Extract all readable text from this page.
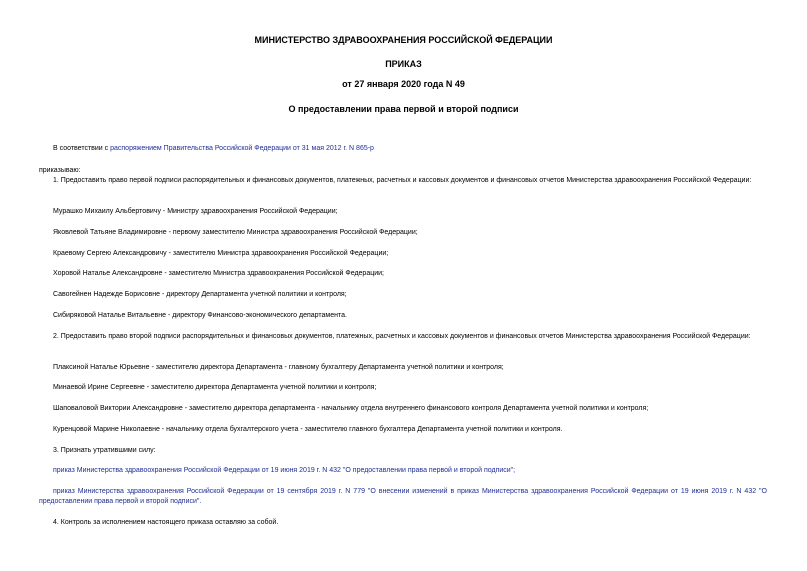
МИНИСТЕРСТВО ЗДРАВООХРАНЕНИЯ РОССИЙСКОЙ ФЕДЕРАЦИИ
ПРИКАЗ
от 27 января 2020 года N 49
О предоставлении права первой и второй подписи

В соответствии с распоряжением Правительства Российской Федерации от 31 мая 2012 г. N 865-р

приказываю:

1. Предоставить право первой подписи распорядительных и финансовых документов, платежных, расчетных и кассовых документов и финансовых отчетов Министерства здравоохранения Российской Федерации:

Мурашко Михаилу Альбертовичу - Министру здравоохранения Российской Федерации;

Яковлевой Татьяне Владимировне - первому заместителю Министра здравоохранения Российской Федерации;

Краевому Сергею Александровичу - заместителю Министра здравоохранения Российской Федерации;

Хоровой Наталье Александровне - заместителю Министра здравоохранения Российской Федерации;

Савогейнен Надежде Борисовне - директору Департамента учетной политики и контроля;

Сибиряковой Наталье Витальевне - директору Финансово-экономического департамента.

2. Предоставить право второй подписи распорядительных и финансовых документов, платежных, расчетных и кассовых документов и финансовых отчетов Министерства здравоохранения Российской Федерации:

Плаксиной Наталье Юрьевне - заместителю директора Департамента - главному бухгалтеру Департамента учетной политики и контроля;

Минаевой Ирине Сергеевне - заместителю директора Департамента учетной политики и контроля;

Шаповаловой Виктории Александровне - заместителю директора департамента - начальнику отдела внутреннего финансового контроля Департамента учетной политики и контроля;

Куренцовой Марине Николаевне - начальнику отдела бухгалтерского учета - заместителю главного бухгалтера Департамента учетной политики и контроля.

3. Признать утратившими силу:

приказ Министерства здравоохранения Российской Федерации от 19 июня 2019 г. N 432 "О предоставлении права первой и второй подписи";

приказ Министерства здравоохранения Российской Федерации от 19 сентября 2019 г. N 779 "О внесении изменений в приказ Министерства здравоохранения Российской Федерации от 19 июня 2019 г. N 432 "О предоставлении права первой и второй подписи".

4. Контроль за исполнением настоящего приказа оставляю за собой.
